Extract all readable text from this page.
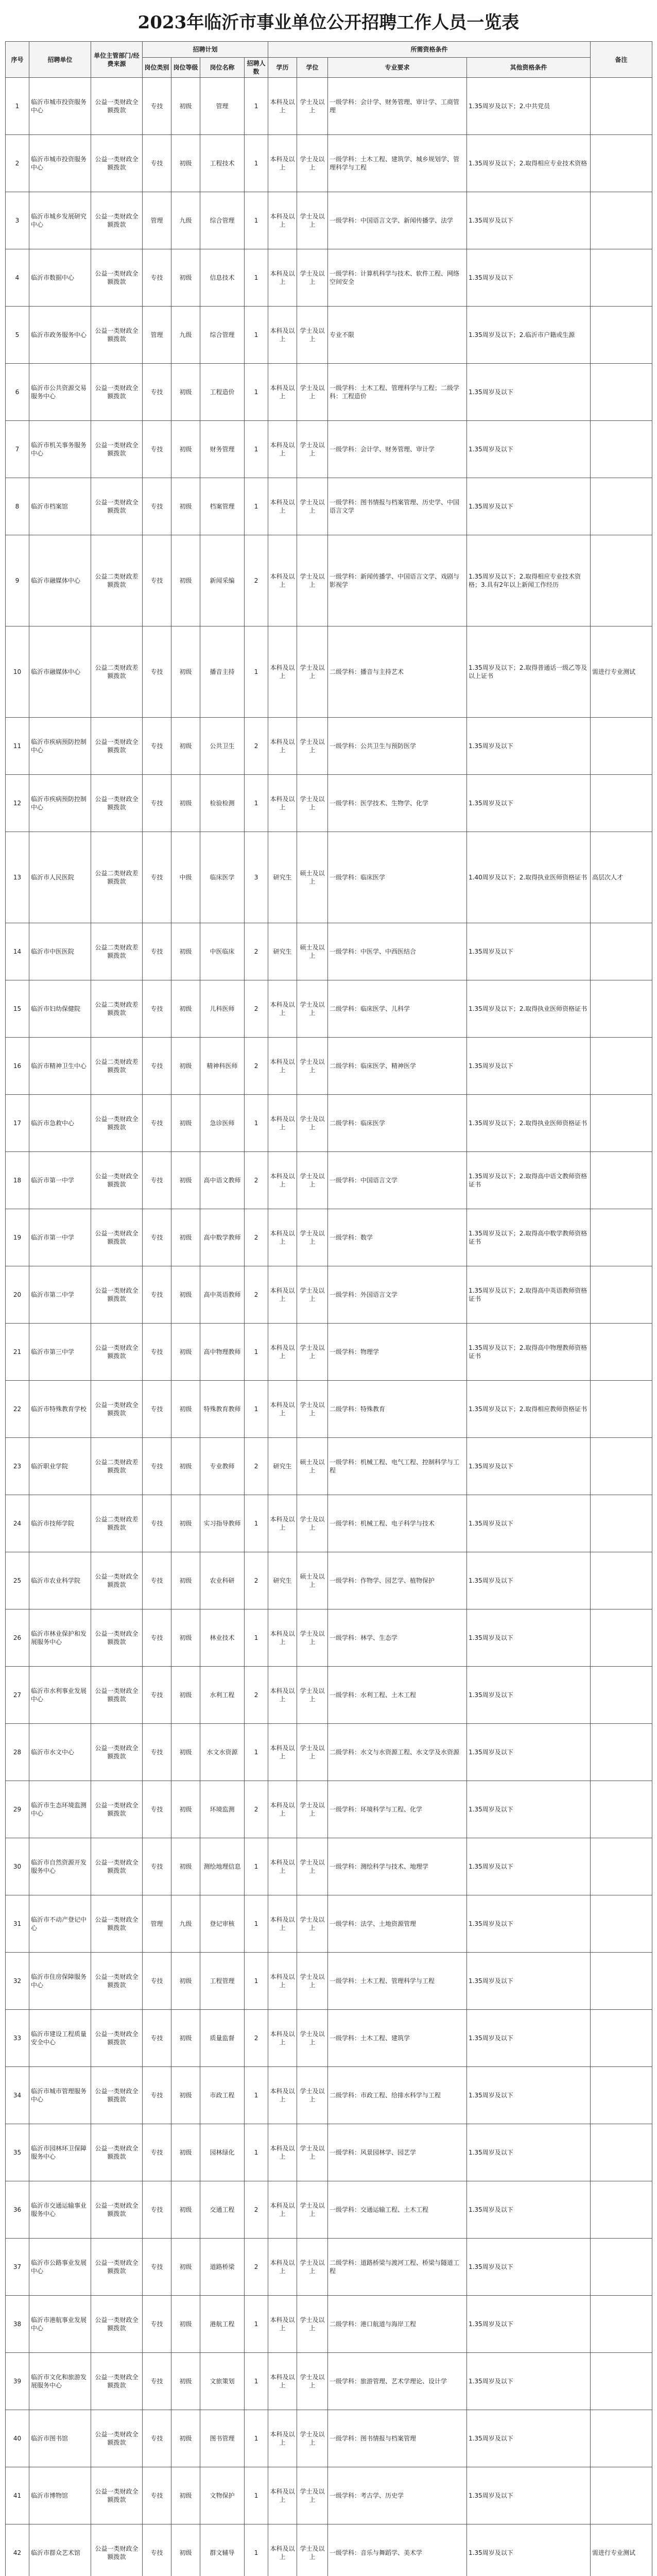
2023年临沂市事业单位公开招聘工作人员一览表
序号	招聘单位	单位主管部门/经费来源	招聘计划				所需资格条件				备注
			岗位类别	岗位等级	岗位名称	招聘人数	学历	学位	专业要求	其他资格条件	
1	临沂市城市投资服务中心	公益一类财政全额拨款	专技	初级	管理	1	本科及以上	学士及以上	一级学科：会计学、财务管理、审计学、工商管理	1.35周岁及以下；2.中共党员	
2	临沂市城市投资服务中心	公益一类财政全额拨款	专技	初级	工程技术	1	本科及以上	学士及以上	一级学科：土木工程、建筑学、城乡规划学、管理科学与工程	1.35周岁及以下；2.取得相应专业技术资格	
3	临沂市城乡发展研究中心	公益一类财政全额拨款	管理	九级	综合管理	1	本科及以上	学士及以上	一级学科：中国语言文学、新闻传播学、法学	1.35周岁及以下	
4	临沂市数据中心	公益一类财政全额拨款	专技	初级	信息技术	1	本科及以上	学士及以上	一级学科：计算机科学与技术、软件工程、网络空间安全	1.35周岁及以下	
5	临沂市政务服务中心	公益一类财政全额拨款	管理	九级	综合管理	1	本科及以上	学士及以上	专业不限	1.35周岁及以下；2.临沂市户籍或生源	
6	临沂市公共资源交易服务中心	公益一类财政全额拨款	专技	初级	工程造价	1	本科及以上	学士及以上	一级学科：土木工程、管理科学与工程；二级学科：工程造价	1.35周岁及以下	
7	临沂市机关事务服务中心	公益一类财政全额拨款	专技	初级	财务管理	1	本科及以上	学士及以上	一级学科：会计学、财务管理、审计学	1.35周岁及以下	
8	临沂市档案馆	公益一类财政全额拨款	专技	初级	档案管理	1	本科及以上	学士及以上	一级学科：图书情报与档案管理、历史学、中国语言文学	1.35周岁及以下	
9	临沂市融媒体中心	公益二类财政差额拨款	专技	初级	新闻采编	2	本科及以上	学士及以上	一级学科：新闻传播学、中国语言文学、戏剧与影视学	1.35周岁及以下；2.取得相应专业技术资格；3.具有2年以上新闻工作经历	
10	临沂市融媒体中心	公益二类财政差额拨款	专技	初级	播音主持	1	本科及以上	学士及以上	二级学科：播音与主持艺术	1.35周岁及以下；2.取得普通话一级乙等及以上证书	需进行专业测试
11	临沂市疾病预防控制中心	公益一类财政全额拨款	专技	初级	公共卫生	2	本科及以上	学士及以上	一级学科：公共卫生与预防医学	1.35周岁及以下	
12	临沂市疾病预防控制中心	公益一类财政全额拨款	专技	初级	检验检测	1	本科及以上	学士及以上	一级学科：医学技术、生物学、化学	1.35周岁及以下	
13	临沂市人民医院	公益二类财政差额拨款	专技	中级	临床医学	3	研究生	硕士及以上	一级学科：临床医学	1.40周岁及以下；2.取得执业医师资格证书	高层次人才
14	临沂市中医医院	公益二类财政差额拨款	专技	初级	中医临床	2	研究生	硕士及以上	一级学科：中医学、中西医结合	1.35周岁及以下	
15	临沂市妇幼保健院	公益二类财政差额拨款	专技	初级	儿科医师	2	本科及以上	学士及以上	二级学科：临床医学、儿科学	1.35周岁及以下；2.取得执业医师资格证书	
16	临沂市精神卫生中心	公益二类财政差额拨款	专技	初级	精神科医师	2	本科及以上	学士及以上	二级学科：临床医学、精神医学	1.35周岁及以下	
17	临沂市急救中心	公益一类财政全额拨款	专技	初级	急诊医师	1	本科及以上	学士及以上	二级学科：临床医学	1.35周岁及以下；2.取得执业医师资格证书	
18	临沂市第一中学	公益一类财政全额拨款	专技	初级	高中语文教师	2	本科及以上	学士及以上	一级学科：中国语言文学	1.35周岁及以下；2.取得高中语文教师资格证书	
19	临沂市第一中学	公益一类财政全额拨款	专技	初级	高中数学教师	2	本科及以上	学士及以上	一级学科：数学	1.35周岁及以下；2.取得高中数学教师资格证书	
20	临沂市第二中学	公益一类财政全额拨款	专技	初级	高中英语教师	2	本科及以上	学士及以上	一级学科：外国语言文学	1.35周岁及以下；2.取得高中英语教师资格证书	
21	临沂市第三中学	公益一类财政全额拨款	专技	初级	高中物理教师	1	本科及以上	学士及以上	一级学科：物理学	1.35周岁及以下；2.取得高中物理教师资格证书	
22	临沂市特殊教育学校	公益一类财政全额拨款	专技	初级	特殊教育教师	1	本科及以上	学士及以上	二级学科：特殊教育	1.35周岁及以下；2.取得相应教师资格证书	
23	临沂职业学院	公益二类财政差额拨款	专技	初级	专业教师	2	研究生	硕士及以上	一级学科：机械工程、电气工程、控制科学与工程	1.35周岁及以下	
24	临沂市技师学院	公益二类财政差额拨款	专技	初级	实习指导教师	1	本科及以上	学士及以上	一级学科：机械工程、电子科学与技术	1.35周岁及以下	
25	临沂市农业科学院	公益一类财政全额拨款	专技	初级	农业科研	2	研究生	硕士及以上	一级学科：作物学、园艺学、植物保护	1.35周岁及以下	
26	临沂市林业保护和发展服务中心	公益一类财政全额拨款	专技	初级	林业技术	1	本科及以上	学士及以上	一级学科：林学、生态学	1.35周岁及以下	
27	临沂市水利事业发展中心	公益一类财政全额拨款	专技	初级	水利工程	2	本科及以上	学士及以上	一级学科：水利工程、土木工程	1.35周岁及以下	
28	临沂市水文中心	公益一类财政全额拨款	专技	初级	水文水资源	1	本科及以上	学士及以上	二级学科：水文与水资源工程、水文学及水资源	1.35周岁及以下	
29	临沂市生态环境监测中心	公益一类财政全额拨款	专技	初级	环境监测	2	本科及以上	学士及以上	一级学科：环境科学与工程、化学	1.35周岁及以下	
30	临沂市自然资源开发服务中心	公益一类财政全额拨款	专技	初级	测绘地理信息	1	本科及以上	学士及以上	一级学科：测绘科学与技术、地理学	1.35周岁及以下	
31	临沂市不动产登记中心	公益一类财政全额拨款	管理	九级	登记审核	1	本科及以上	学士及以上	一级学科：法学、土地资源管理	1.35周岁及以下	
32	临沂市住房保障服务中心	公益一类财政全额拨款	专技	初级	工程管理	1	本科及以上	学士及以上	一级学科：土木工程、管理科学与工程	1.35周岁及以下	
33	临沂市建设工程质量安全中心	公益一类财政全额拨款	专技	初级	质量监督	2	本科及以上	学士及以上	一级学科：土木工程、建筑学	1.35周岁及以下	
34	临沂市城市管理服务中心	公益一类财政全额拨款	专技	初级	市政工程	1	本科及以上	学士及以上	二级学科：市政工程、给排水科学与工程	1.35周岁及以下	
35	临沂市园林环卫保障服务中心	公益一类财政全额拨款	专技	初级	园林绿化	1	本科及以上	学士及以上	一级学科：风景园林学、园艺学	1.35周岁及以下	
36	临沂市交通运输事业服务中心	公益一类财政全额拨款	专技	初级	交通工程	2	本科及以上	学士及以上	一级学科：交通运输工程、土木工程	1.35周岁及以下	
37	临沂市公路事业发展中心	公益一类财政全额拨款	专技	初级	道路桥梁	2	本科及以上	学士及以上	二级学科：道路桥梁与渡河工程、桥梁与隧道工程	1.35周岁及以下	
38	临沂市港航事业发展中心	公益一类财政全额拨款	专技	初级	港航工程	1	本科及以上	学士及以上	二级学科：港口航道与海岸工程	1.35周岁及以下	
39	临沂市文化和旅游发展服务中心	公益一类财政全额拨款	专技	初级	文旅策划	1	本科及以上	学士及以上	一级学科：旅游管理、艺术学理论、设计学	1.35周岁及以下	
40	临沂市图书馆	公益一类财政全额拨款	专技	初级	图书管理	1	本科及以上	学士及以上	一级学科：图书情报与档案管理	1.35周岁及以下	
41	临沂市博物馆	公益一类财政全额拨款	专技	初级	文物保护	1	本科及以上	学士及以上	一级学科：考古学、历史学	1.35周岁及以下	
42	临沂市群众艺术馆	公益一类财政全额拨款	专技	初级	群文辅导	1	本科及以上	学士及以上	一级学科：音乐与舞蹈学、美术学	1.35周岁及以下	需进行专业测试
